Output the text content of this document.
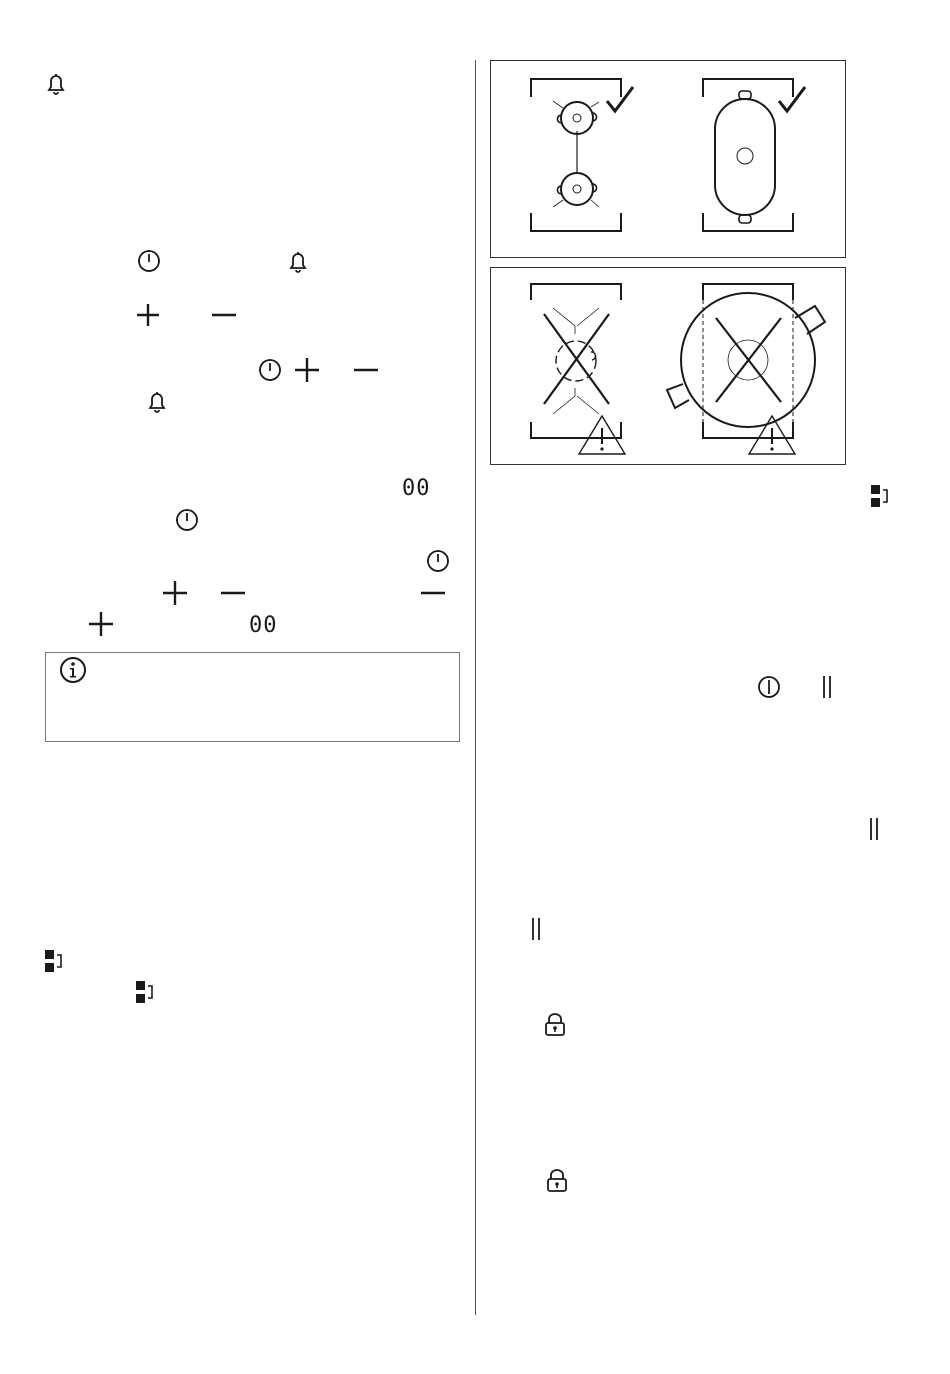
00
00
